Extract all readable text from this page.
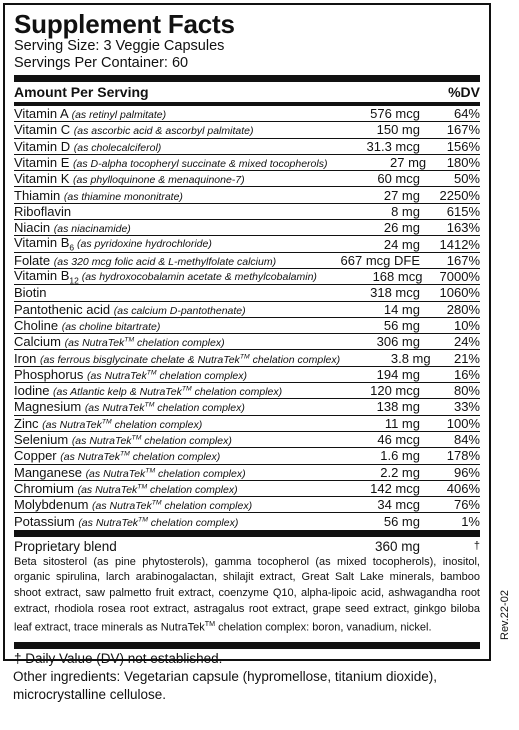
Supplement Facts
Serving Size: 3 Veggie Capsules
Servings Per Container: 60
Amount Per Serving	%DV
Vitamin A (as retinyl palmitate)	576 mcg	64%
Vitamin C (as ascorbic acid & ascorbyl palmitate)	150 mg	167%
Vitamin D (as cholecalciferol)	31.3 mcg	156%
Vitamin E (as D-alpha tocopheryl succinate & mixed tocopherols)	27 mg	180%
Vitamin K (as phylloquinone & menaquinone-7)	60 mcg	50%
Thiamin (as thiamine mononitrate)	27 mg	2250%
Riboflavin	8 mg	615%
Niacin (as niacinamide)	26 mg	163%
Vitamin $B_6$ (as pyridoxine hydrochloride)	24 mg	1412%
Folate (as 320 mcg folic acid & L-methylfolate calcium)	667 mcg DFE	167%
Vitamin $B_{12}$ (as hydroxocobalamin acetate & methylcobalamin)	168 mcg	7000%
Biotin	318 mcg	1060%
Pantothenic acid (as calcium D-pantothenate)	14 mg	280%
Choline (as choline bitartrate)	56 mg	10%
Calcium (as NutraTek™ chelation complex)	306 mg	24%
Iron (as ferrous bisglycinate chelate & NutraTek™ chelation complex)	3.8 mg	21%
Phosphorus (as NutraTek™ chelation complex)	194 mg	16%
Iodine (as Atlantic kelp & NutraTek™ chelation complex)	120 mcg	80%
Magnesium (as NutraTek™ chelation complex)	138 mg	33%
Zinc (as NutraTek™ chelation complex)	11 mg	100%
Selenium (as NutraTek™ chelation complex)	46 mcg	84%
Copper (as NutraTek™ chelation complex)	1.6 mg	178%
Manganese (as NutraTek™ chelation complex)	2.2 mg	96%
Chromium (as NutraTek™ chelation complex)	142 mcg	406%
Molybdenum (as NutraTek™ chelation complex)	34 mcg	76%
Potassium (as NutraTek™ chelation complex)	56 mg	1%
Proprietary blend	360 mg	†
Beta sitosterol (as pine phytosterols), gamma tocopherol (as mixed tocopherols), inositol, organic spirulina, larch arabinogalactan, shilajit extract, Great Salt Lake minerals, bamboo shoot extract, saw palmetto fruit extract, coenzyme Q10, alpha-lipoic acid, ashwagandha root extract, rhodiola rosea root extract, astragalus root extract, grape seed extract, ginkgo biloba leaf extract, trace minerals as NutraTek™ chelation complex: boron, vanadium, nickel.
† Daily Value (DV) not established.
Other ingredients: Vegetarian capsule (hypromellose, titanium dioxide), microcrystalline cellulose.
Rev.22-02
